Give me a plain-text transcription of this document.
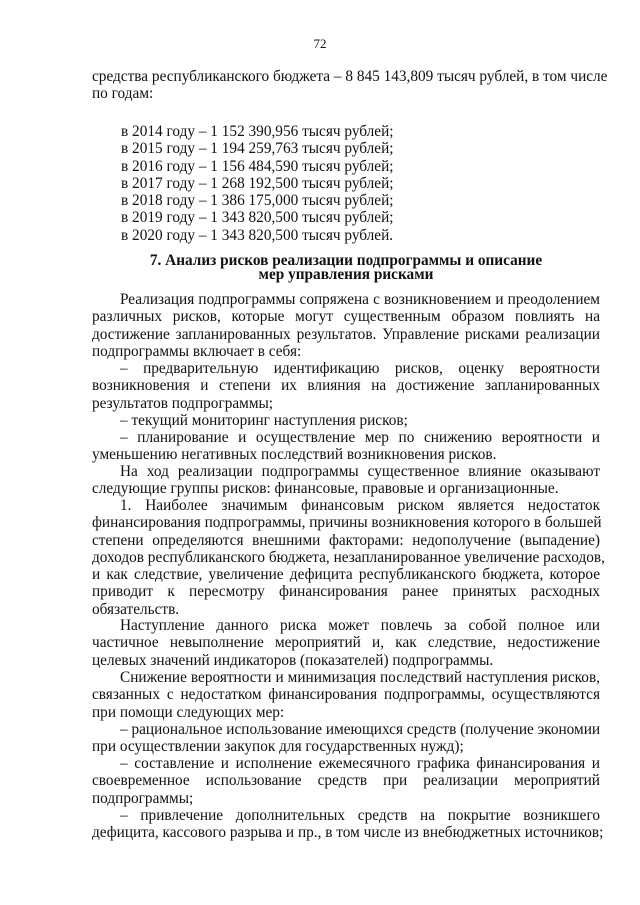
72
средства республиканского бюджета – 8 845 143,809 тысяч рублей, в том числе
по годам:
в 2014 году – 1 152 390,956 тысяч рублей;
в 2015 году – 1 194 259,763 тысяч рублей;
в 2016 году – 1 156 484,590 тысяч рублей;
в 2017 году – 1 268 192,500 тысяч рублей;
в 2018 году – 1 386 175,000 тысяч рублей;
в 2019 году – 1 343 820,500 тысяч рублей;
в 2020 году – 1 343 820,500 тысяч рублей.
7. Анализ рисков реализации подпрограммы и описание
мер управления рисками
Реализация подпрограммы сопряжена с возникновением и преодолением
различных рисков, которые могут существенным образом повлиять на
достижение запланированных результатов. Управление рисками реализации
подпрограммы включает в себя:
– предварительную идентификацию рисков, оценку вероятности
возникновения и степени их влияния на достижение запланированных
результатов подпрограммы;
– текущий мониторинг наступления рисков;
– планирование и осуществление мер по снижению вероятности и
уменьшению негативных последствий возникновения рисков.
На ход реализации подпрограммы существенное влияние оказывают
следующие группы рисков: финансовые, правовые и организационные.
1. Наиболее значимым финансовым риском является недостаток
финансирования подпрограммы, причины возникновения которого в большей
степени определяются внешними факторами: недополучение (выпадение)
доходов республиканского бюджета, незапланированное увеличение расходов,
и как следствие, увеличение дефицита республиканского бюджета, которое
приводит к пересмотру финансирования ранее принятых расходных
обязательств.
Наступление данного риска может повлечь за собой полное или
частичное невыполнение мероприятий и, как следствие, недостижение
целевых значений индикаторов (показателей) подпрограммы.
Снижение вероятности и минимизация последствий наступления рисков,
связанных с недостатком финансирования подпрограммы, осуществляются
при помощи следующих мер:
– рациональное использование имеющихся средств (получение экономии
при осуществлении закупок для государственных нужд);
– составление и исполнение ежемесячного графика финансирования и
своевременное использование средств при реализации мероприятий
подпрограммы;
– привлечение дополнительных средств на покрытие возникшего
дефицита, кассового разрыва и пр., в том числе из внебюджетных источников;
